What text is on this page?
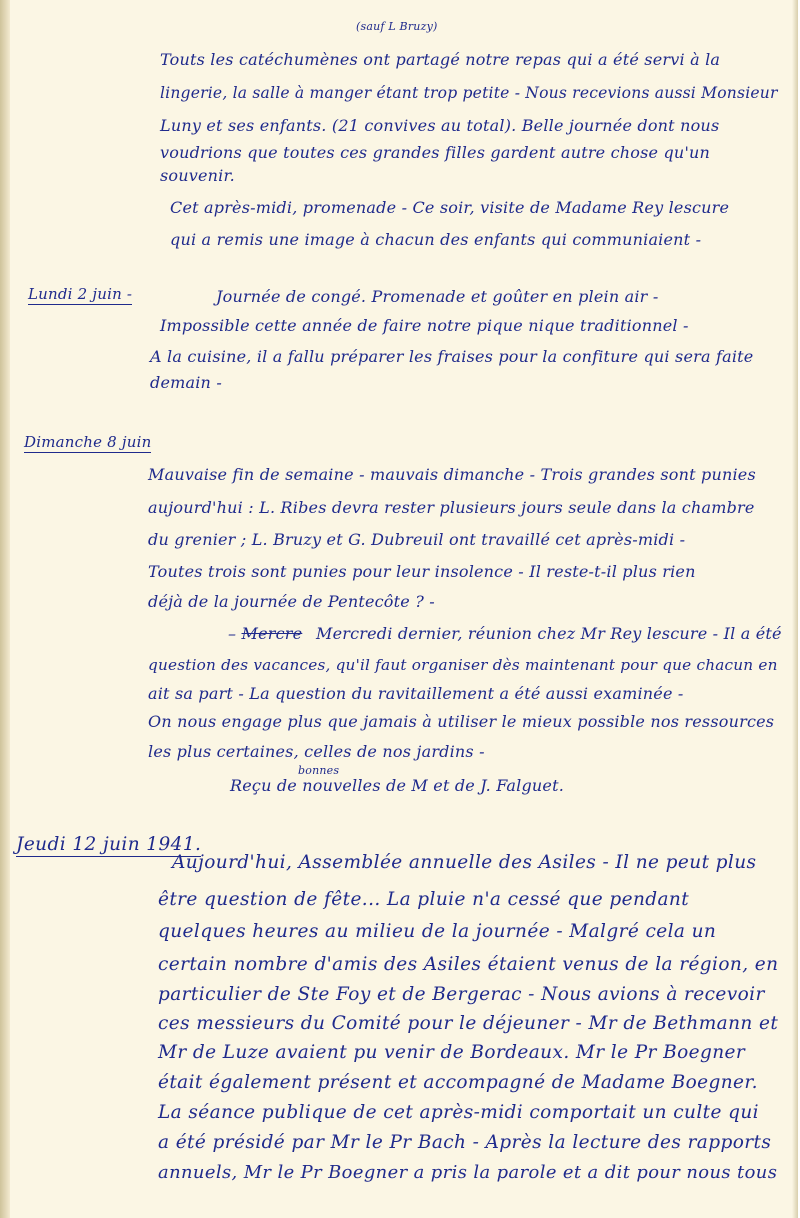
(sauf L Bruzy)
Touts les catéchumènes ont partagé notre repas qui a été servi à la
lingerie, la salle à manger étant trop petite - Nous recevions aussi Monsieur
Luny et ses enfants. (21 convives au total). Belle journée dont nous
voudrions que toutes ces grandes filles gardent autre chose qu'un
souvenir.
Cet après-midi, promenade - Ce soir, visite de Madame Rey lescure
qui a remis une image à chacun des enfants qui communiaient -
Lundi 2 juin -	Journée de congé. Promenade et goûter en plein air -
Impossible cette année de faire notre pique nique traditionnel -
A la cuisine, il a fallu préparer les fraises pour la confiture qui sera faite
demain -
Dimanche 8 juin
Mauvaise fin de semaine - mauvais dimanche - Trois grandes sont punies
aujourd'hui : L. Ribes devra rester plusieurs jours seule dans la chambre
du grenier ; L. Bruzy et G. Dubreuil ont travaillé cet après-midi -
Toutes trois sont punies pour leur insolence - Il reste-t-il plus rien
déjà de la journée de Pentecôte ? -
– Mercre Mercredi dernier, réunion chez Mr Rey lescure - Il a été
question des vacances, qu'il faut organiser dès maintenant pour que chacun en
ait sa part - La question du ravitaillement a été aussi examinée -
On nous engage plus que jamais à utiliser le mieux possible nos ressources
les plus certaines, celles de nos jardins -
bonnes
Reçu de nouvelles de M et de J. Falguet.
Jeudi 12 juin 1941.
Aujourd'hui, Assemblée annuelle des Asiles - Il ne peut plus
être question de fête... La pluie n'a cessé que pendant
quelques heures au milieu de la journée - Malgré cela un
certain nombre d'amis des Asiles étaient venus de la région, en
particulier de Ste Foy et de Bergerac - Nous avions à recevoir
ces messieurs du Comité pour le déjeuner - Mr de Bethmann et
Mr de Luze avaient pu venir de Bordeaux. Mr le Pr Boegner
était également présent et accompagné de Madame Boegner.
La séance publique de cet après-midi comportait un culte qui
a été présidé par Mr le Pr Bach - Après la lecture des rapports
annuels, Mr le Pr Boegner a pris la parole et a dit pour nous tous
